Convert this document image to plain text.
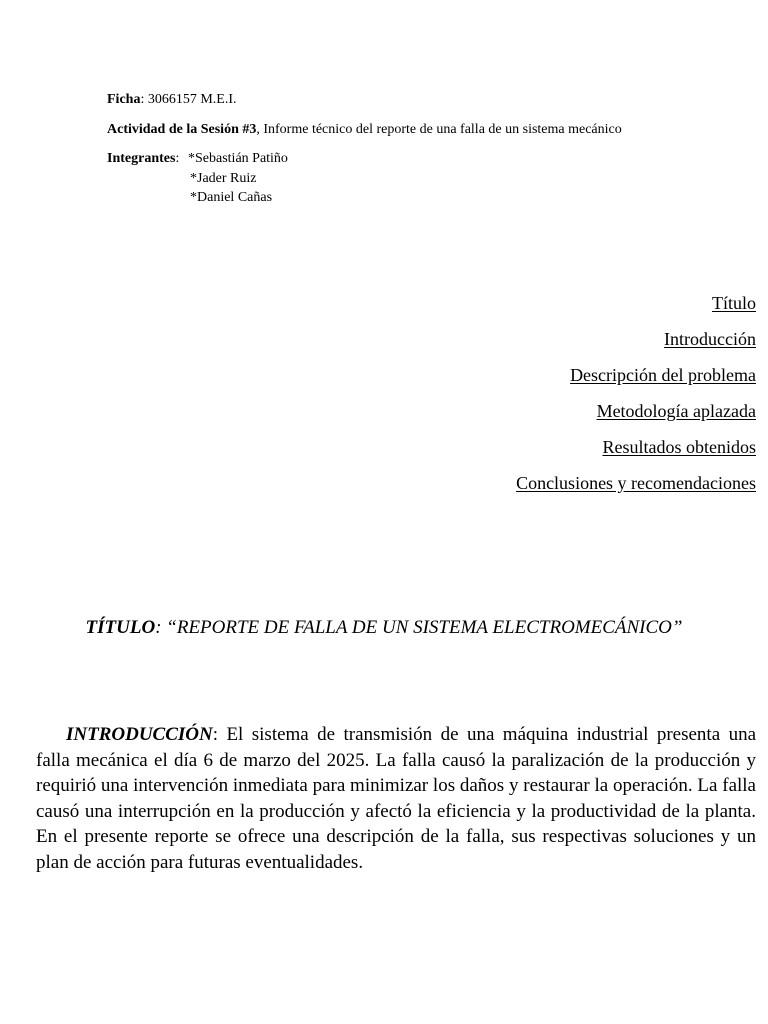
Ficha: 3066157 M.E.I.
Actividad de la Sesión #3, Informe técnico del reporte de una falla de un sistema mecánico
Integrantes: *Sebastián Patiño
*Jader Ruiz
*Daniel Cañas
Título
Introducción
Descripción del problema
Metodología aplazada
Resultados obtenidos
Conclusiones y recomendaciones
TÍTULO: “REPORTE DE FALLA DE UN SISTEMA ELECTROMECÁNICO”

INTRODUCCIÓN: El sistema de transmisión de una máquina industrial presenta una falla mecánica el día 6 de marzo del 2025. La falla causó la paralización de la producción y requirió una intervención inmediata para minimizar los daños y restaurar la operación. La falla causó una interrupción en la producción y afectó la eficiencia y la productividad de la planta. En el presente reporte se ofrece una descripción de la falla, sus respectivas soluciones y un plan de acción para futuras eventualidades.
